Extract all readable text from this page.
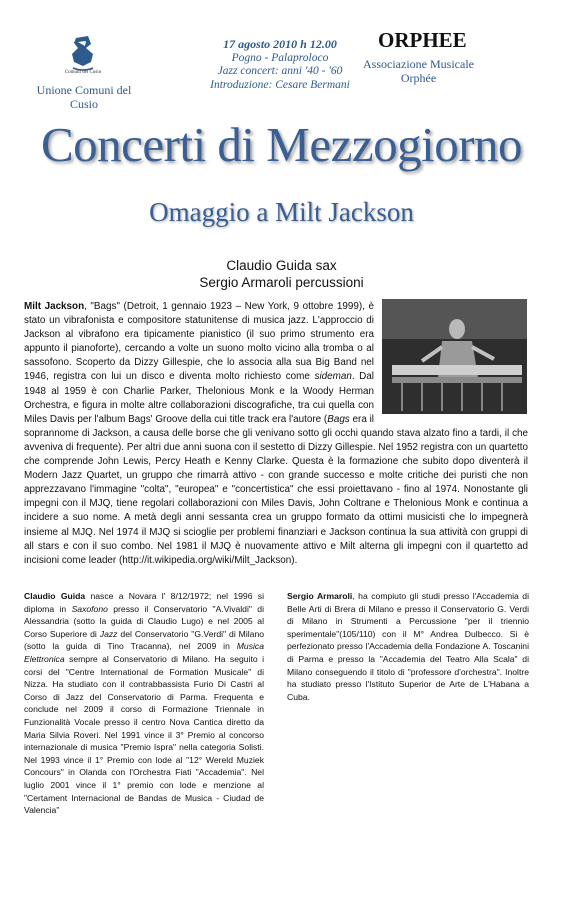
Comuni del Cusio
Unione Comuni del Cusio
17 agosto 2010 h 12.00
Pogno - Palaproloco
Jazz concert: anni '40 - '60
Introduzione: Cesare Bermani
ORPHEE
Associazione Musicale Orphée
Concerti di Mezzogiorno
Omaggio a Milt Jackson
Claudio Guida sax
Sergio Armaroli percussioni

Milt Jackson, "Bags" (Detroit, 1 gennaio 1923 – New York, 9 ottobre 1999), è stato un vibrafonista e compositore statunitense di musica jazz. L'approccio di Jackson al vibrafono era tipicamente pianistico (il suo primo strumento era appunto il pianoforte), cercando a volte un suono molto vicino alla tromba o al sassofono. Scoperto da Dizzy Gillespie, che lo associa alla sua Big Band nel 1946, registra con lui un disco e diventa molto richiesto come sideman. Dal 1948 al 1959 è con Charlie Parker, Thelonious Monk e la Woody Herman Orchestra, e figura in molte altre collaborazioni discografiche, tra cui quella con Miles Davis per l'album Bags' Groove della cui title track era l'autore (Bags era il soprannome di Jackson, a causa delle borse che gli venivano sotto gli occhi quando stava alzato fino a tardi, il che avveniva di frequente). Per altri due anni suona con il sestetto di Dizzy Gillespie. Nel 1952 registra con un quartetto che comprende John Lewis, Percy Heath e Kenny Clarke. Questa è la formazione che subito dopo diventerà il Modern Jazz Quartet, un gruppo che rimarrà attivo - con grande successo e molte critiche dei puristi che non apprezzavano l'immagine "colta", "europea" e "concertistica" che essi proiettavano - fino al 1974. Nonostante gli impegni con il MJQ, tiene regolari collaborazioni con Miles Davis, John Coltrane e Thelonious Monk e continua a incidere a suo nome. A metà degli anni sessanta crea un gruppo formato da ottimi musicisti che lo impegnerà insieme al MJQ. Nel 1974 il MJQ si scioglie per problemi finanziari e Jackson continua la sua attività con gruppi di all stars e con il suo combo. Nel 1981 il MJQ è nuovamente attivo e Milt alterna gli impegni con il quartetto ad incisioni come leader (http://it.wikipedia.org/wiki/Milt_Jackson).

Claudio Guida nasce a Novara l' 8/12/1972; nel 1996 si diploma in Saxofono presso il Conservatorio "A.Vivaldi" di Alessandria (sotto la guida di Claudio Lugo) e nel 2005 al Corso Superiore di Jazz del Conservatorio "G.Verdi" di Milano (sotto la guida di Tino Tracanna), nel 2009 in Musica Elettronica sempre al Conservatorio di Milano. Ha seguito i corsi del "Centre International de Formation Musicale" di Nizza. Ha studiato con il contrabbassista Furio Di Castri al Corso di Jazz del Conservatorio di Parma. Frequenta e conclude nel 2009 il corso di Formazione Triennale in Funzionalità Vocale presso il centro Nova Cantica diretto da Maria Silvia Roveri. Nel 1991 vince il 3° Premio al concorso internazionale di musica "Premio Ispra" nella categoria Solisti. Nel 1993 vince il 1° Premio con lode al "12° Wereld Muziek Concours" in Olanda con l'Orchestra Fiati "Accademia". Nel luglio 2001 vince il 1° premio con lode e menzione al "Certament Internacional de Bandas de Musica - Ciudad de Valencia"

Sergio Armaroli, ha compiuto gli studi presso l'Accademia di Belle Arti di Brera di Milano e presso il Conservatorio G. Verdi di Milano in Strumenti a Percussione "per il triennio sperimentale"(105/110) con il M° Andrea Dulbecco. Si è perfezionato presso l'Accademia della Fondazione A. Toscanini di Parma e presso la "Accademia del Teatro Alla Scala" di Milano conseguendo il titolo di "professore d'orchestra". Inoltre ha studiato presso l'Istituto Superior de Arte de L'Habana a Cuba.
